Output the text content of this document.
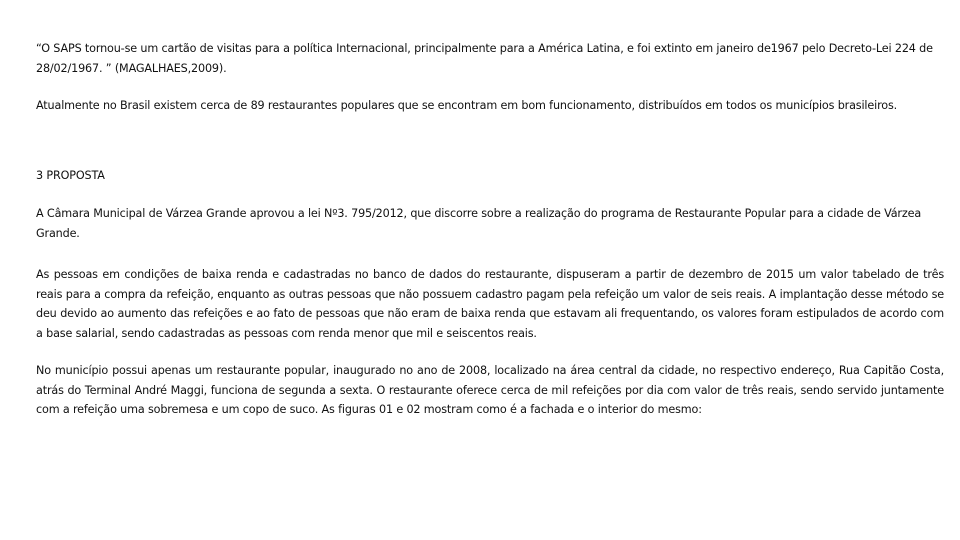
“O SAPS tornou-se um cartão de visitas para a política Internacional, principalmente para a América Latina, e foi extinto em janeiro de1967 pelo Decreto-Lei 224 de 28/02/1967. ” (MAGALHAES,2009).

Atualmente no Brasil existem cerca de 89 restaurantes populares que se encontram em bom funcionamento, distribuídos em todos os municípios brasileiros.

3 PROPOSTA

A Câmara Municipal de Várzea Grande aprovou a lei Nº3. 795/2012, que discorre sobre a realização do programa de Restaurante Popular para a cidade de Várzea Grande.

As pessoas em condições de baixa renda e cadastradas no banco de dados do restaurante, dispuseram a partir de dezembro de 2015 um valor tabelado de três reais para a compra da refeição, enquanto as outras pessoas que não possuem cadastro pagam pela refeição um valor de seis reais. A implantação desse método se deu devido ao aumento das refeições e ao fato de pessoas que não eram de baixa renda que estavam ali frequentando, os valores foram estipulados de acordo com a base salarial, sendo cadastradas as pessoas com renda menor que mil e seiscentos reais.

No município possui apenas um restaurante popular, inaugurado no ano de 2008, localizado na área central da cidade, no respectivo endereço, Rua Capitão Costa, atrás do Terminal André Maggi, funciona de segunda a sexta. O restaurante oferece cerca de mil refeições por dia com valor de três reais, sendo servido juntamente com a refeição uma sobremesa e um copo de suco. As figuras 01 e 02 mostram como é a fachada e o interior do mesmo:
